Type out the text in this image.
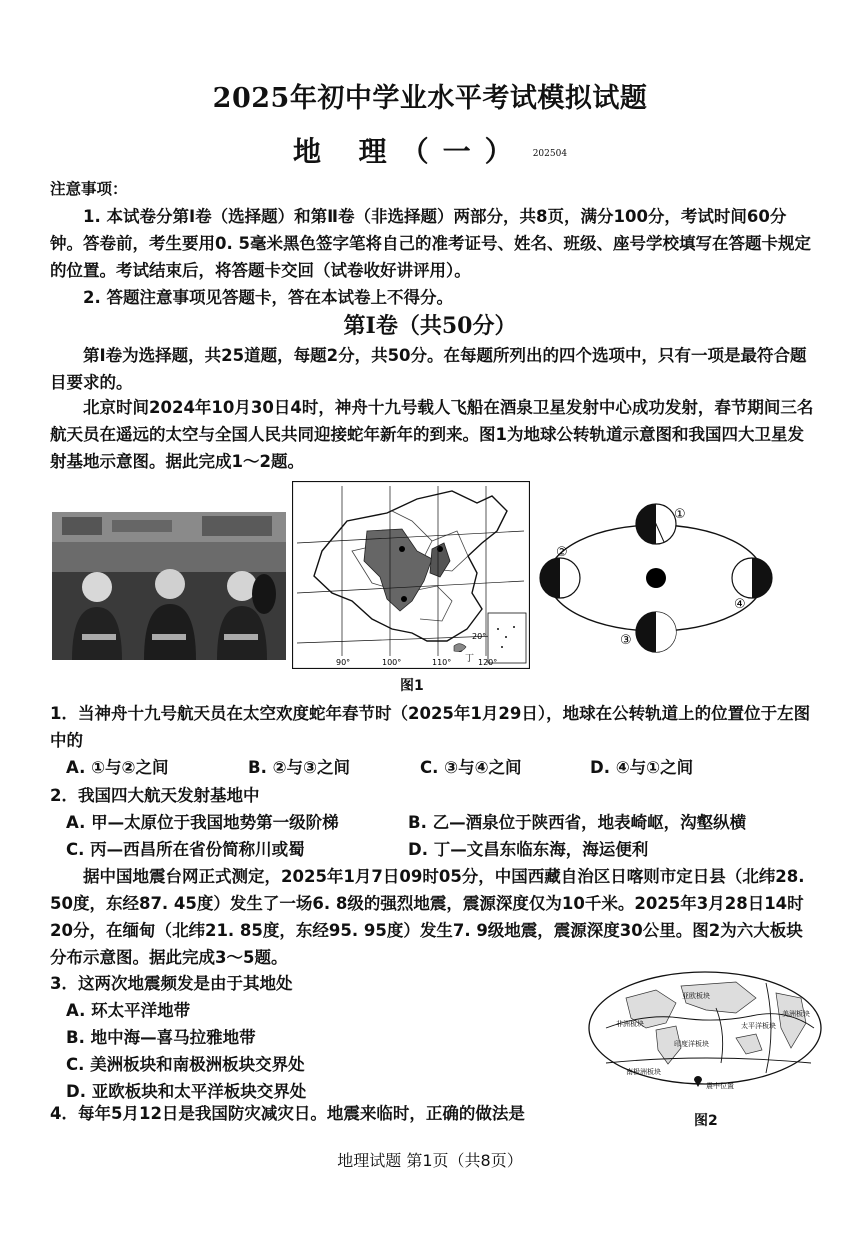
2025年初中学业水平考试模拟试题
地 理（一） 202504

注意事项：

1. 本试卷分第Ⅰ卷（选择题）和第Ⅱ卷（非选择题）两部分，共8页，满分100分，考试时间60分钟。答卷前，考生要用0. 5毫米黑色签字笔将自己的准考证号、姓名、班级、座号学校填写在答题卡规定的位置。考试结束后，将答题卡交回（试卷收好讲评用）。

2. 答题注意事项见答题卡，答在本试卷上不得分。

第Ⅰ卷（共50分）

第Ⅰ卷为选择题，共25道题，每题2分，共50分。在每题所列出的四个选项中，只有一项是最符合题目要求的。

北京时间2024年10月30日4时，神舟十九号载人飞船在酒泉卫星发射中心成功发射，春节期间三名航天员在遥远的太空与全国人民共同迎接蛇年新年的到来。图1为地球公转轨道示意图和我国四大卫星发射基地示意图。据此完成1～2题。

90°	100°	110°	120°
20°
丁
图1
①
②
③
④

1．当神舟十九号航天员在太空欢度蛇年春节时（2025年1月29日），地球在公转轨道上的位置位于左图中的

A. ①与②之间	B. ②与③之间	C. ③与④之间	D. ④与①之间

2．我国四大航天发射基地中

A. 甲—太原位于我国地势第一级阶梯	B. 乙—酒泉位于陕西省，地表崎岖，沟壑纵横
C. 丙—西昌所在省份简称川或蜀	D. 丁—文昌东临东海，海运便利

据中国地震台网正式测定，2025年1月7日09时05分，中国西藏自治区日喀则市定日县（北纬28. 50度，东经87. 45度）发生了一场6. 8级的强烈地震，震源深度仅为10千米。2025年3月28日14时20分，在缅甸（北纬21. 85度，东经95. 95度）发生7. 9级地震，震源深度30公里。图2为六大板块分布示意图。据此完成3～5题。

3．这两次地震频发是由于其地处

A. 环太平洋地带

B. 地中海—喜马拉雅地带

C. 美洲板块和南极洲板块交界处

D. 亚欧板块和太平洋板块交界处

亚欧板块
太平洋板块
美洲板块
非洲板块
印度洋板块
南极洲板块
震中位置
图2

4．每年5月12日是我国防灾减灾日。地震来临时，正确的做法是

地理试题 第1页（共8页）
